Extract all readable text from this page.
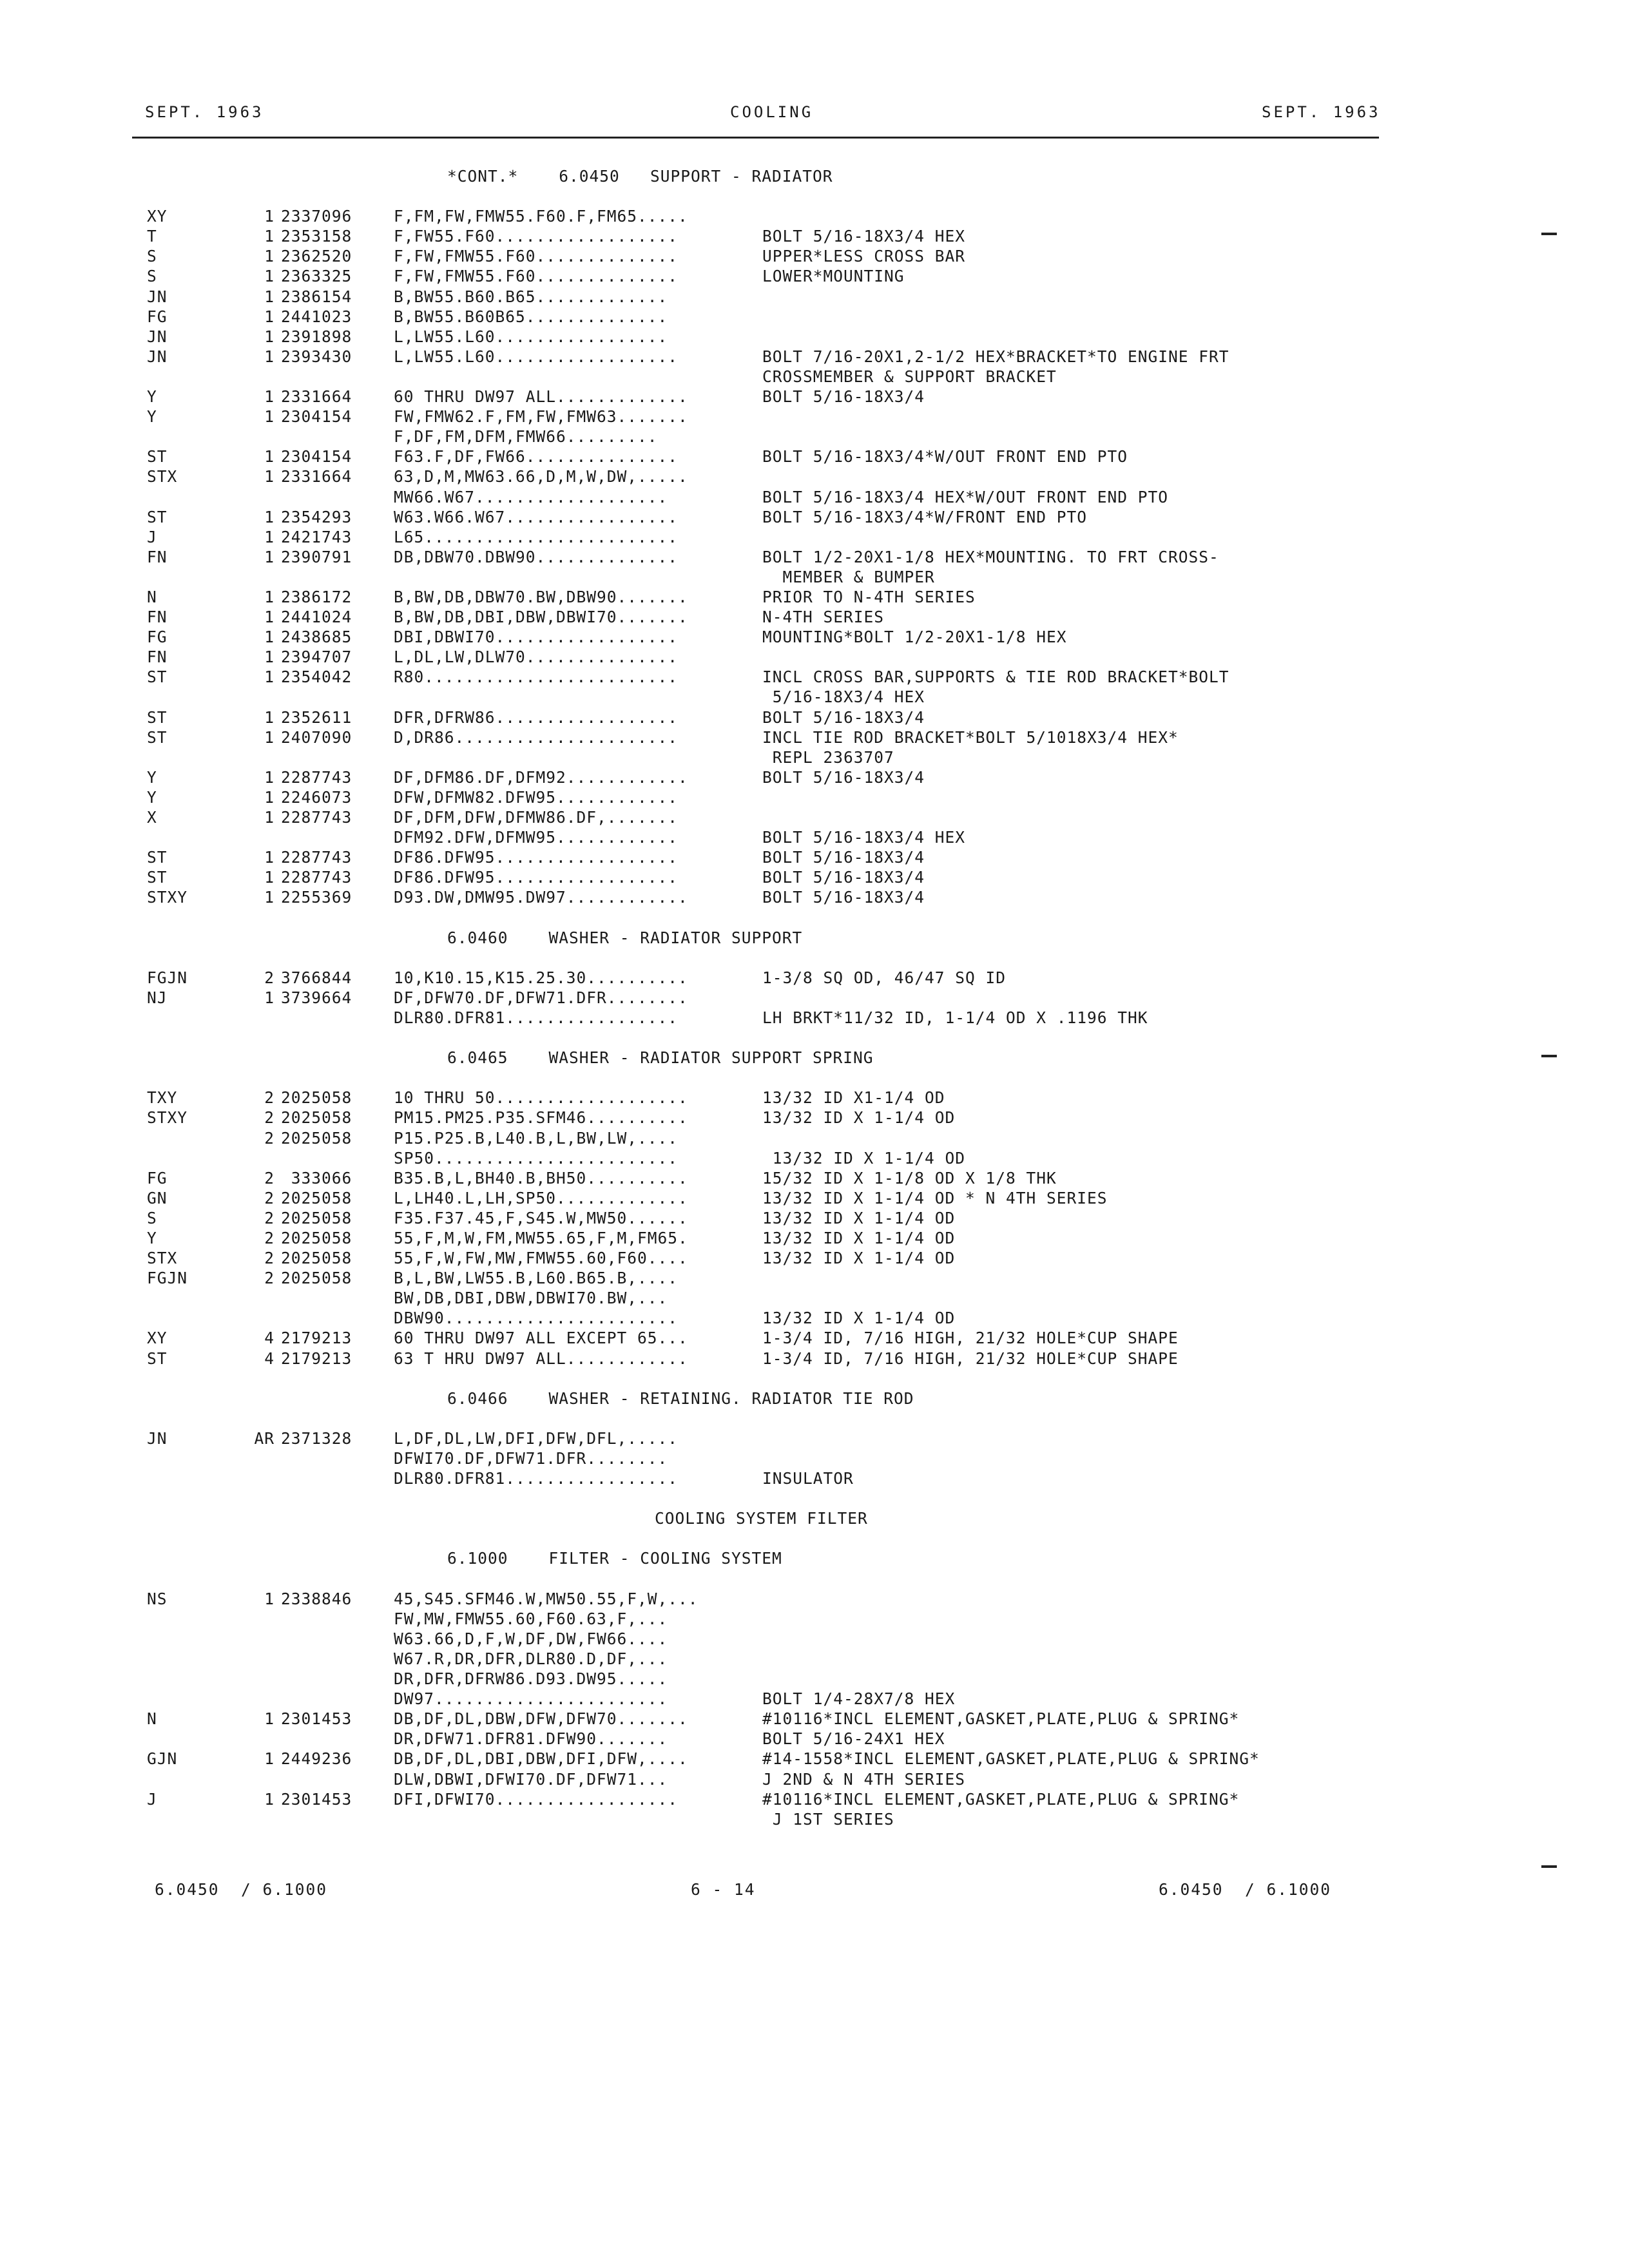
SEPT. 1963	COOLING	SEPT. 1963
*CONT.*    6.0450   SUPPORT - RADIATOR
XY	1 2337096	F,FM,FW,FMW55.F60.F,FM65.....
T	1 2353158	F,FW55.F60..................	BOLT 5/16-18X3/4 HEX
S	1 2362520	F,FW,FMW55.F60..............	UPPER*LESS CROSS BAR
S	1 2363325	F,FW,FMW55.F60..............	LOWER*MOUNTING
JN	1 2386154	B,BW55.B60.B65.............
FG	1 2441023	B,BW55.B60B65..............
JN	1 2391898	L,LW55.L60.................
JN	1 2393430	L,LW55.L60..................	BOLT 7/16-20X1,2-1/2 HEX*BRACKET*TO ENGINE FRT
CROSSMEMBER & SUPPORT BRACKET
Y	1 2331664	60 THRU DW97 ALL.............	BOLT 5/16-18X3/4
Y	1 2304154	FW,FMW62.F,FM,FW,FMW63.......
F,DF,FM,DFM,FMW66.........
ST	1 2304154	F63.F,DF,FW66...............	BOLT 5/16-18X3/4*W/OUT FRONT END PTO
STX	1 2331664	63,D,M,MW63.66,D,M,W,DW,.....
MW66.W67...................	BOLT 5/16-18X3/4 HEX*W/OUT FRONT END PTO
ST	1 2354293	W63.W66.W67.................	BOLT 5/16-18X3/4*W/FRONT END PTO
J	1 2421743	L65.........................
FN	1 2390791	DB,DBW70.DBW90..............	BOLT 1/2-20X1-1/8 HEX*MOUNTING. TO FRT CROSS-
MEMBER & BUMPER
N	1 2386172	B,BW,DB,DBW70.BW,DBW90.......	PRIOR TO N-4TH SERIES
FN	1 2441024	B,BW,DB,DBI,DBW,DBWI70.......	N-4TH SERIES
FG	1 2438685	DBI,DBWI70..................	MOUNTING*BOLT 1/2-20X1-1/8 HEX
FN	1 2394707	L,DL,LW,DLW70...............
ST	1 2354042	R80.........................	INCL CROSS BAR,SUPPORTS & TIE ROD BRACKET*BOLT
5/16-18X3/4 HEX
ST	1 2352611	DFR,DFRW86..................	BOLT 5/16-18X3/4
ST	1 2407090	D,DR86......................	INCL TIE ROD BRACKET*BOLT 5/1018X3/4 HEX*
REPL 2363707
Y	1 2287743	DF,DFM86.DF,DFM92............	BOLT 5/16-18X3/4
Y	1 2246073	DFW,DFMW82.DFW95............
X	1 2287743	DF,DFM,DFW,DFMW86.DF,.......
DFM92.DFW,DFMW95............	BOLT 5/16-18X3/4 HEX
ST	1 2287743	DF86.DFW95..................	BOLT 5/16-18X3/4
ST	1 2287743	DF86.DFW95..................	BOLT 5/16-18X3/4
STXY	1 2255369	D93.DW,DMW95.DW97............	BOLT 5/16-18X3/4
6.0460    WASHER - RADIATOR SUPPORT
FGJN	2 3766844	10,K10.15,K15.25.30..........	1-3/8 SQ OD, 46/47 SQ ID
NJ	1 3739664	DF,DFW70.DF,DFW71.DFR........
DLR80.DFR81.................	LH BRKT*11/32 ID, 1-1/4 OD X .1196 THK
6.0465    WASHER - RADIATOR SUPPORT SPRING
TXY	2 2025058	10 THRU 50...................	13/32 ID X1-1/4 OD
STXY	2 2025058	PM15.PM25.P35.SFM46..........	13/32 ID X 1-1/4 OD
2 2025058	P15.P25.B,L40.B,L,BW,LW,....
SP50........................	13/32 ID X 1-1/4 OD
FG	2 333066	B35.B,L,BH40.B,BH50..........	15/32 ID X 1-1/8 OD X 1/8 THK
GN	2 2025058	L,LH40.L,LH,SP50.............	13/32 ID X 1-1/4 OD * N 4TH SERIES
S	2 2025058	F35.F37.45,F,S45.W,MW50......	13/32 ID X 1-1/4 OD
Y	2 2025058	55,F,M,W,FM,MW55.65,F,M,FM65.	13/32 ID X 1-1/4 OD
STX	2 2025058	55,F,W,FW,MW,FMW55.60,F60....	13/32 ID X 1-1/4 OD
FGJN	2 2025058	B,L,BW,LW55.B,L60.B65.B,....
BW,DB,DBI,DBW,DBWI70.BW,...
DBW90.......................	13/32 ID X 1-1/4 OD
XY	4 2179213	60 THRU DW97 ALL EXCEPT 65...	1-3/4 ID, 7/16 HIGH, 21/32 HOLE*CUP SHAPE
ST	4 2179213	63 T HRU DW97 ALL............	1-3/4 ID, 7/16 HIGH, 21/32 HOLE*CUP SHAPE
6.0466    WASHER - RETAINING. RADIATOR TIE ROD
JN	AR 2371328	L,DF,DL,LW,DFI,DFW,DFL,.....
DFWI70.DF,DFW71.DFR........
DLR80.DFR81.................	INSULATOR
COOLING SYSTEM FILTER
6.1000    FILTER - COOLING SYSTEM
NS	1 2338846	45,S45.SFM46.W,MW50.55,F,W,...
FW,MW,FMW55.60,F60.63,F,...
W63.66,D,F,W,DF,DW,FW66....
W67.R,DR,DFR,DLR80.D,DF,...
DR,DFR,DFRW86.D93.DW95.....
DW97.......................	BOLT 1/4-28X7/8 HEX
N	1 2301453	DB,DF,DL,DBW,DFW,DFW70.......	#10116*INCL ELEMENT,GASKET,PLATE,PLUG & SPRING*
DR,DFW71.DFR81.DFW90.......	BOLT 5/16-24X1 HEX
GJN	1 2449236	DB,DF,DL,DBI,DBW,DFI,DFW,....	#14-1558*INCL ELEMENT,GASKET,PLATE,PLUG & SPRING*
DLW,DBWI,DFWI70.DF,DFW71...	J 2ND & N 4TH SERIES
J	1 2301453	DFI,DFWI70..................	#10116*INCL ELEMENT,GASKET,PLATE,PLUG & SPRING*
J 1ST SERIES
6.0450  / 6.1000	6 - 14	6.0450  / 6.1000
